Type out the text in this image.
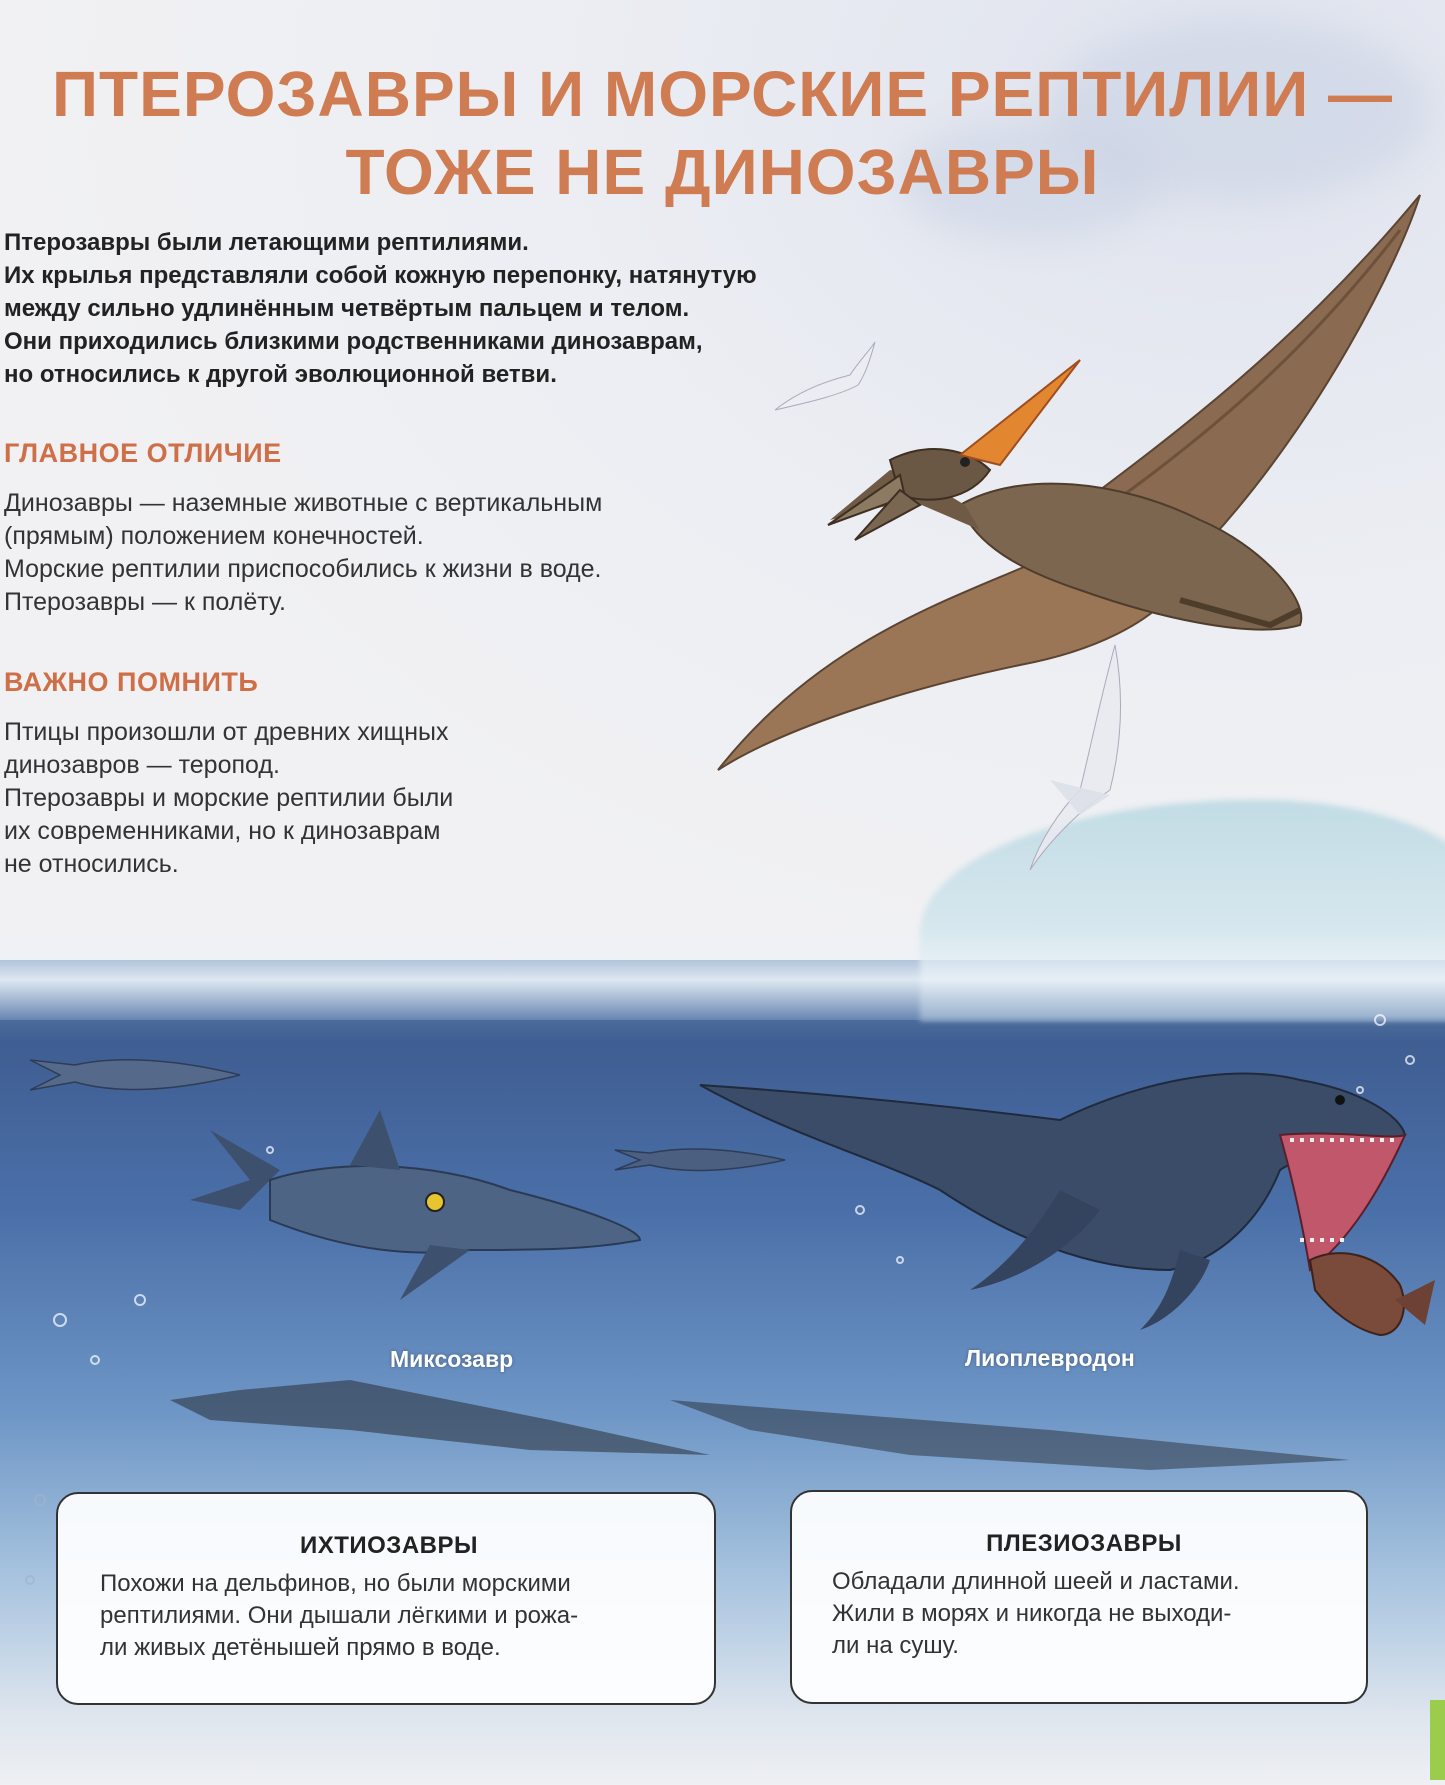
ПТЕРОЗАВРЫ И МОРСКИЕ РЕПТИЛИИ —
ТОЖЕ НЕ ДИНОЗАВРЫ

Птерозавры были летающими рептилиями.
Их крылья представляли собой кожную перепонку, натянутую
между сильно удлинённым четвёртым пальцем и телом.
Они приходились близкими родственниками динозаврам,
но относились к другой эволюционной ветви.

ГЛАВНОЕ ОТЛИЧИЕ

Динозавры — наземные животные с вертикальным
(прямым) положением конечностей.
Морские рептилии приспособились к жизни в воде.
Птерозавры — к полёту.

ВАЖНО ПОМНИТЬ

Птицы произошли от древних хищных
динозавров — теропод.
Птерозавры и морские рептилии были
их современниками, но к динозаврам
не относились.

Миксозавр	Лиоплевродон
ИХТИОЗАВРЫ

Похожи на дельфинов, но были морскими
рептилиями. Они дышали лёгкими и рожа-
ли живых детёнышей прямо в воде.

ПЛЕЗИОЗАВРЫ

Обладали длинной шеей и ластами.
Жили в морях и никогда не выходи-
ли на сушу.
